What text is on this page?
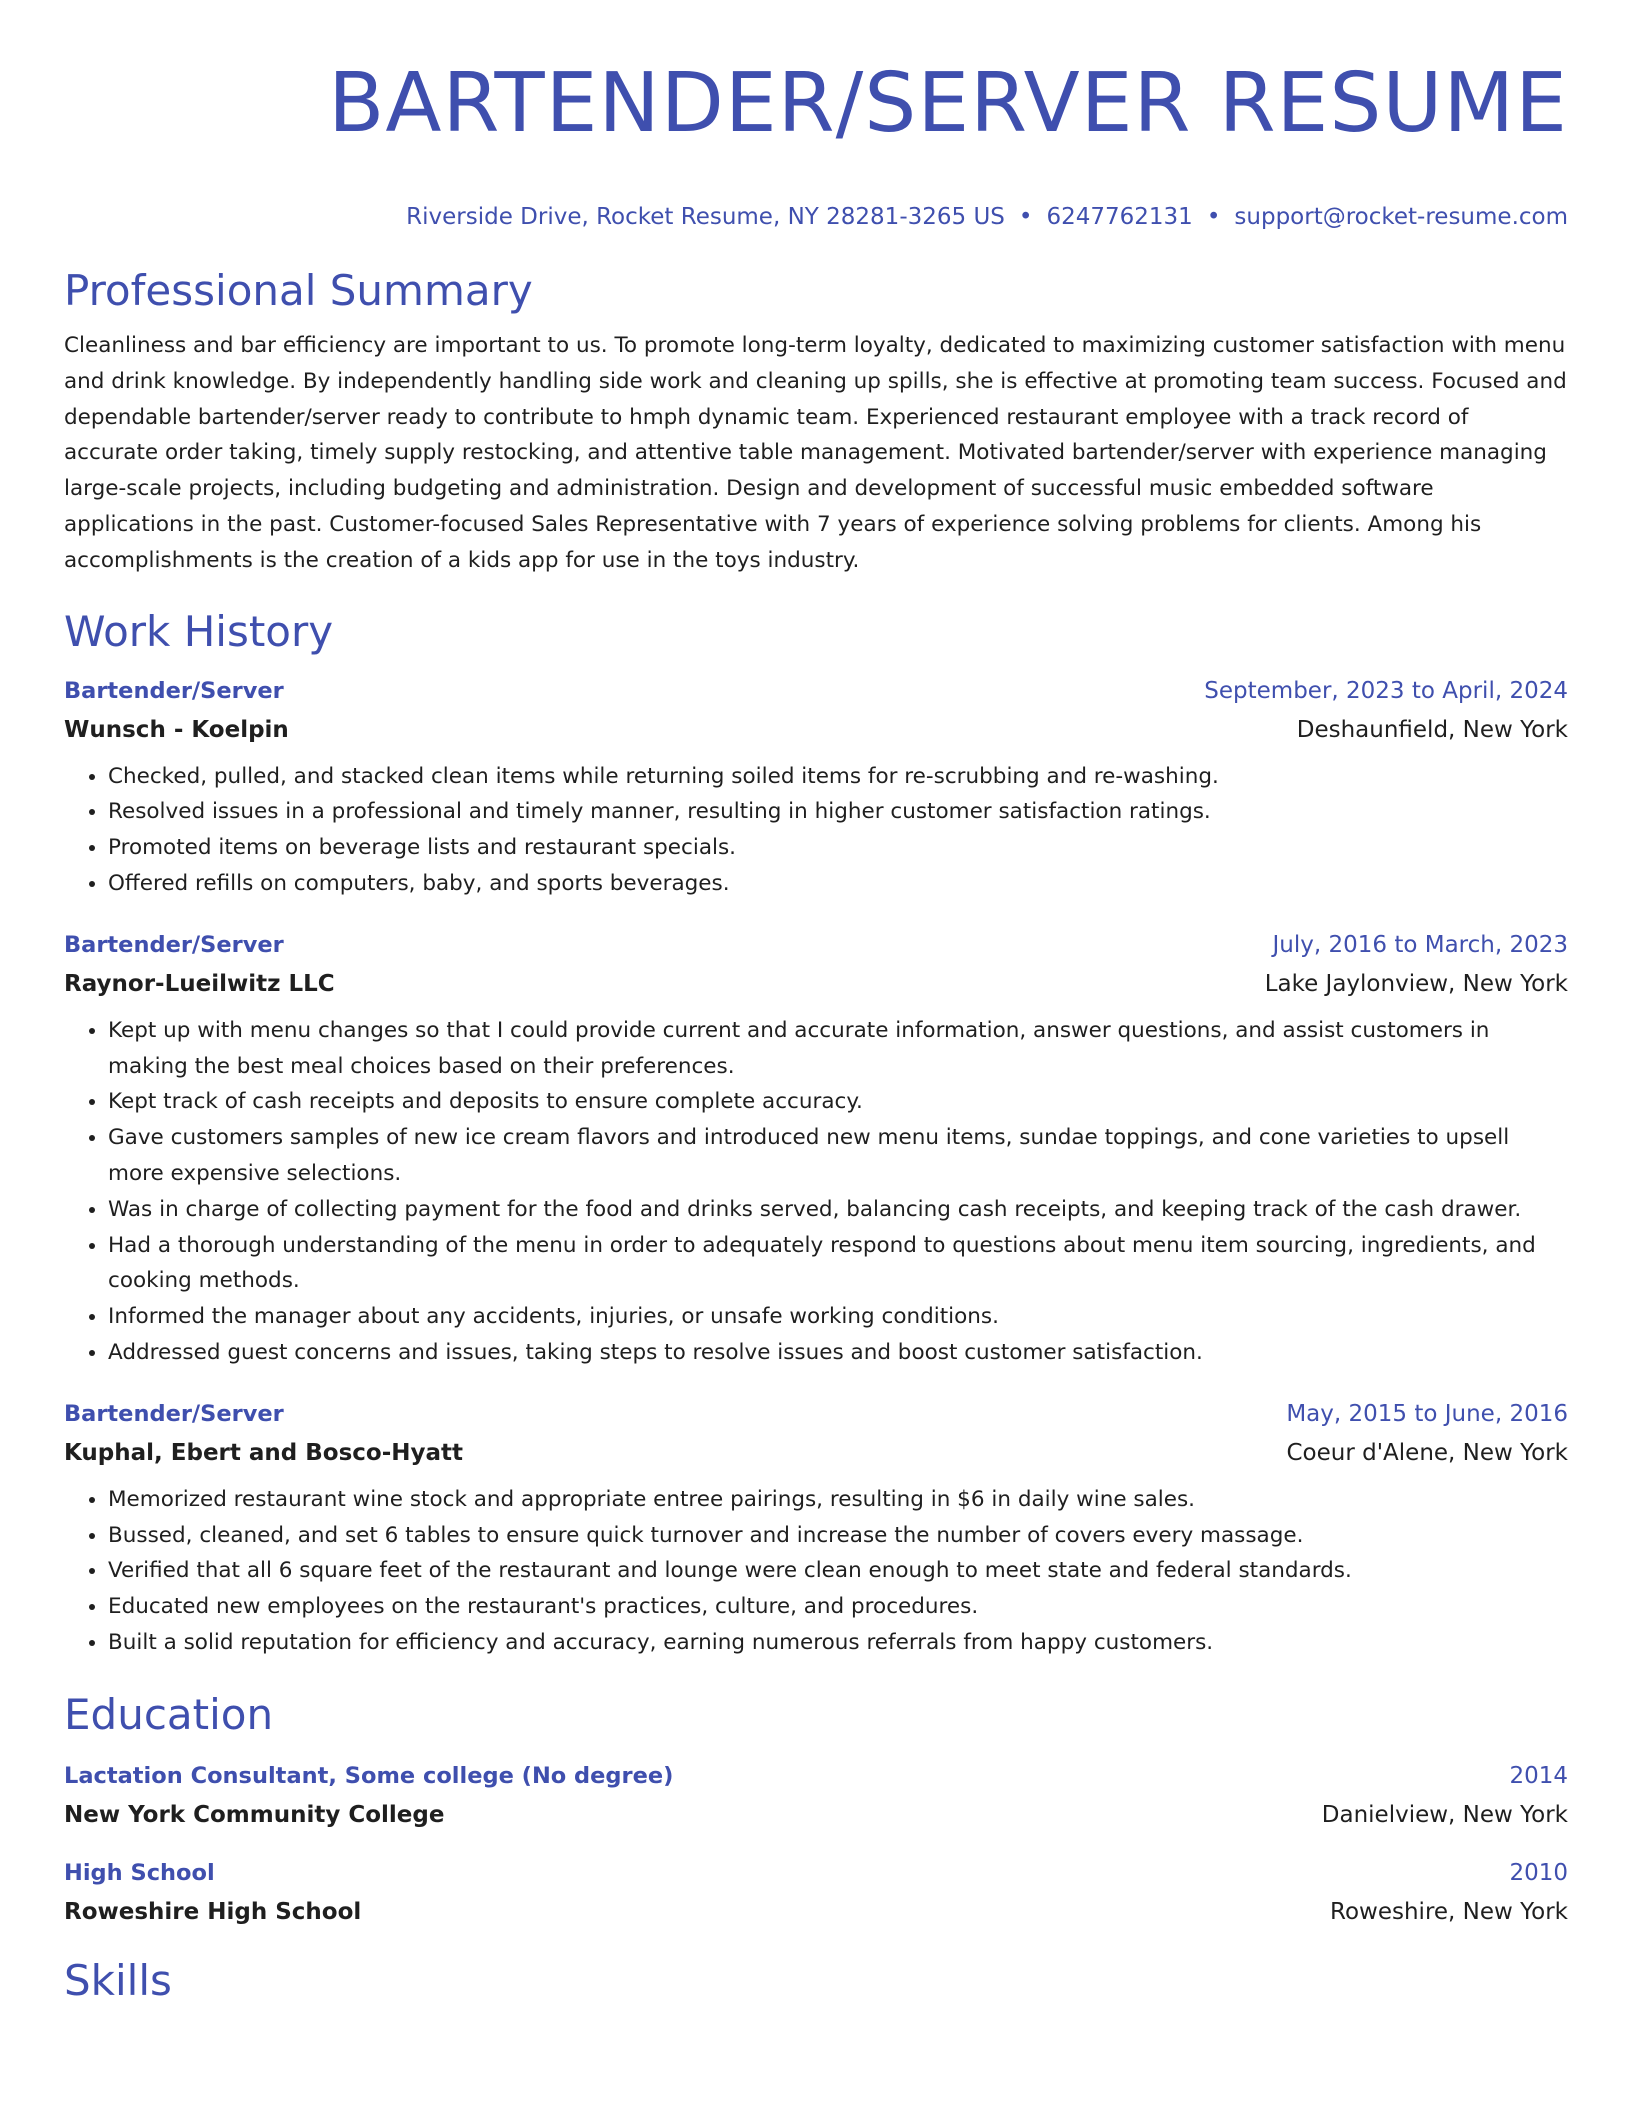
BARTENDER/SERVER RESUME
Riverside Drive, Rocket Resume, NY 28281-3265 US • 6247762131 • support@rocket-resume.com
Professional Summary
Cleanliness and bar efficiency are important to us. To promote long-term loyalty, dedicated to maximizing customer satisfaction with menu and drink knowledge. By independently handling side work and cleaning up spills, she is effective at promoting team success. Focused and dependable bartender/server ready to contribute to hmph dynamic team. Experienced restaurant employee with a track record of accurate order taking, timely supply restocking, and attentive table management. Motivated bartender/server with experience managing large-scale projects, including budgeting and administration. Design and development of successful music embedded software applications in the past. Customer-focused Sales Representative with 7 years of experience solving problems for clients. Among his accomplishments is the creation of a kids app for use in the toys industry.
Work History
Bartender/Server	September, 2023 to April, 2024
Wunsch - Koelpin	Deshaunfield, New York
• Checked, pulled, and stacked clean items while returning soiled items for re-scrubbing and re-washing.
• Resolved issues in a professional and timely manner, resulting in higher customer satisfaction ratings.
• Promoted items on beverage lists and restaurant specials.
• Offered refills on computers, baby, and sports beverages.
Bartender/Server	July, 2016 to March, 2023
Raynor-Lueilwitz LLC	Lake Jaylonview, New York
• Kept up with menu changes so that I could provide current and accurate information, answer questions, and assist customers in making the best meal choices based on their preferences.
• Kept track of cash receipts and deposits to ensure complete accuracy.
• Gave customers samples of new ice cream flavors and introduced new menu items, sundae toppings, and cone varieties to upsell more expensive selections.
• Was in charge of collecting payment for the food and drinks served, balancing cash receipts, and keeping track of the cash drawer.
• Had a thorough understanding of the menu in order to adequately respond to questions about menu item sourcing, ingredients, and cooking methods.
• Informed the manager about any accidents, injuries, or unsafe working conditions.
• Addressed guest concerns and issues, taking steps to resolve issues and boost customer satisfaction.
Bartender/Server	May, 2015 to June, 2016
Kuphal, Ebert and Bosco-Hyatt	Coeur d'Alene, New York
• Memorized restaurant wine stock and appropriate entree pairings, resulting in $6 in daily wine sales.
• Bussed, cleaned, and set 6 tables to ensure quick turnover and increase the number of covers every massage.
• Verified that all 6 square feet of the restaurant and lounge were clean enough to meet state and federal standards.
• Educated new employees on the restaurant's practices, culture, and procedures.
• Built a solid reputation for efficiency and accuracy, earning numerous referrals from happy customers.
Education
Lactation Consultant, Some college (No degree)	2014
New York Community College	Danielview, New York
High School	2010
Roweshire High School	Roweshire, New York
Skills
